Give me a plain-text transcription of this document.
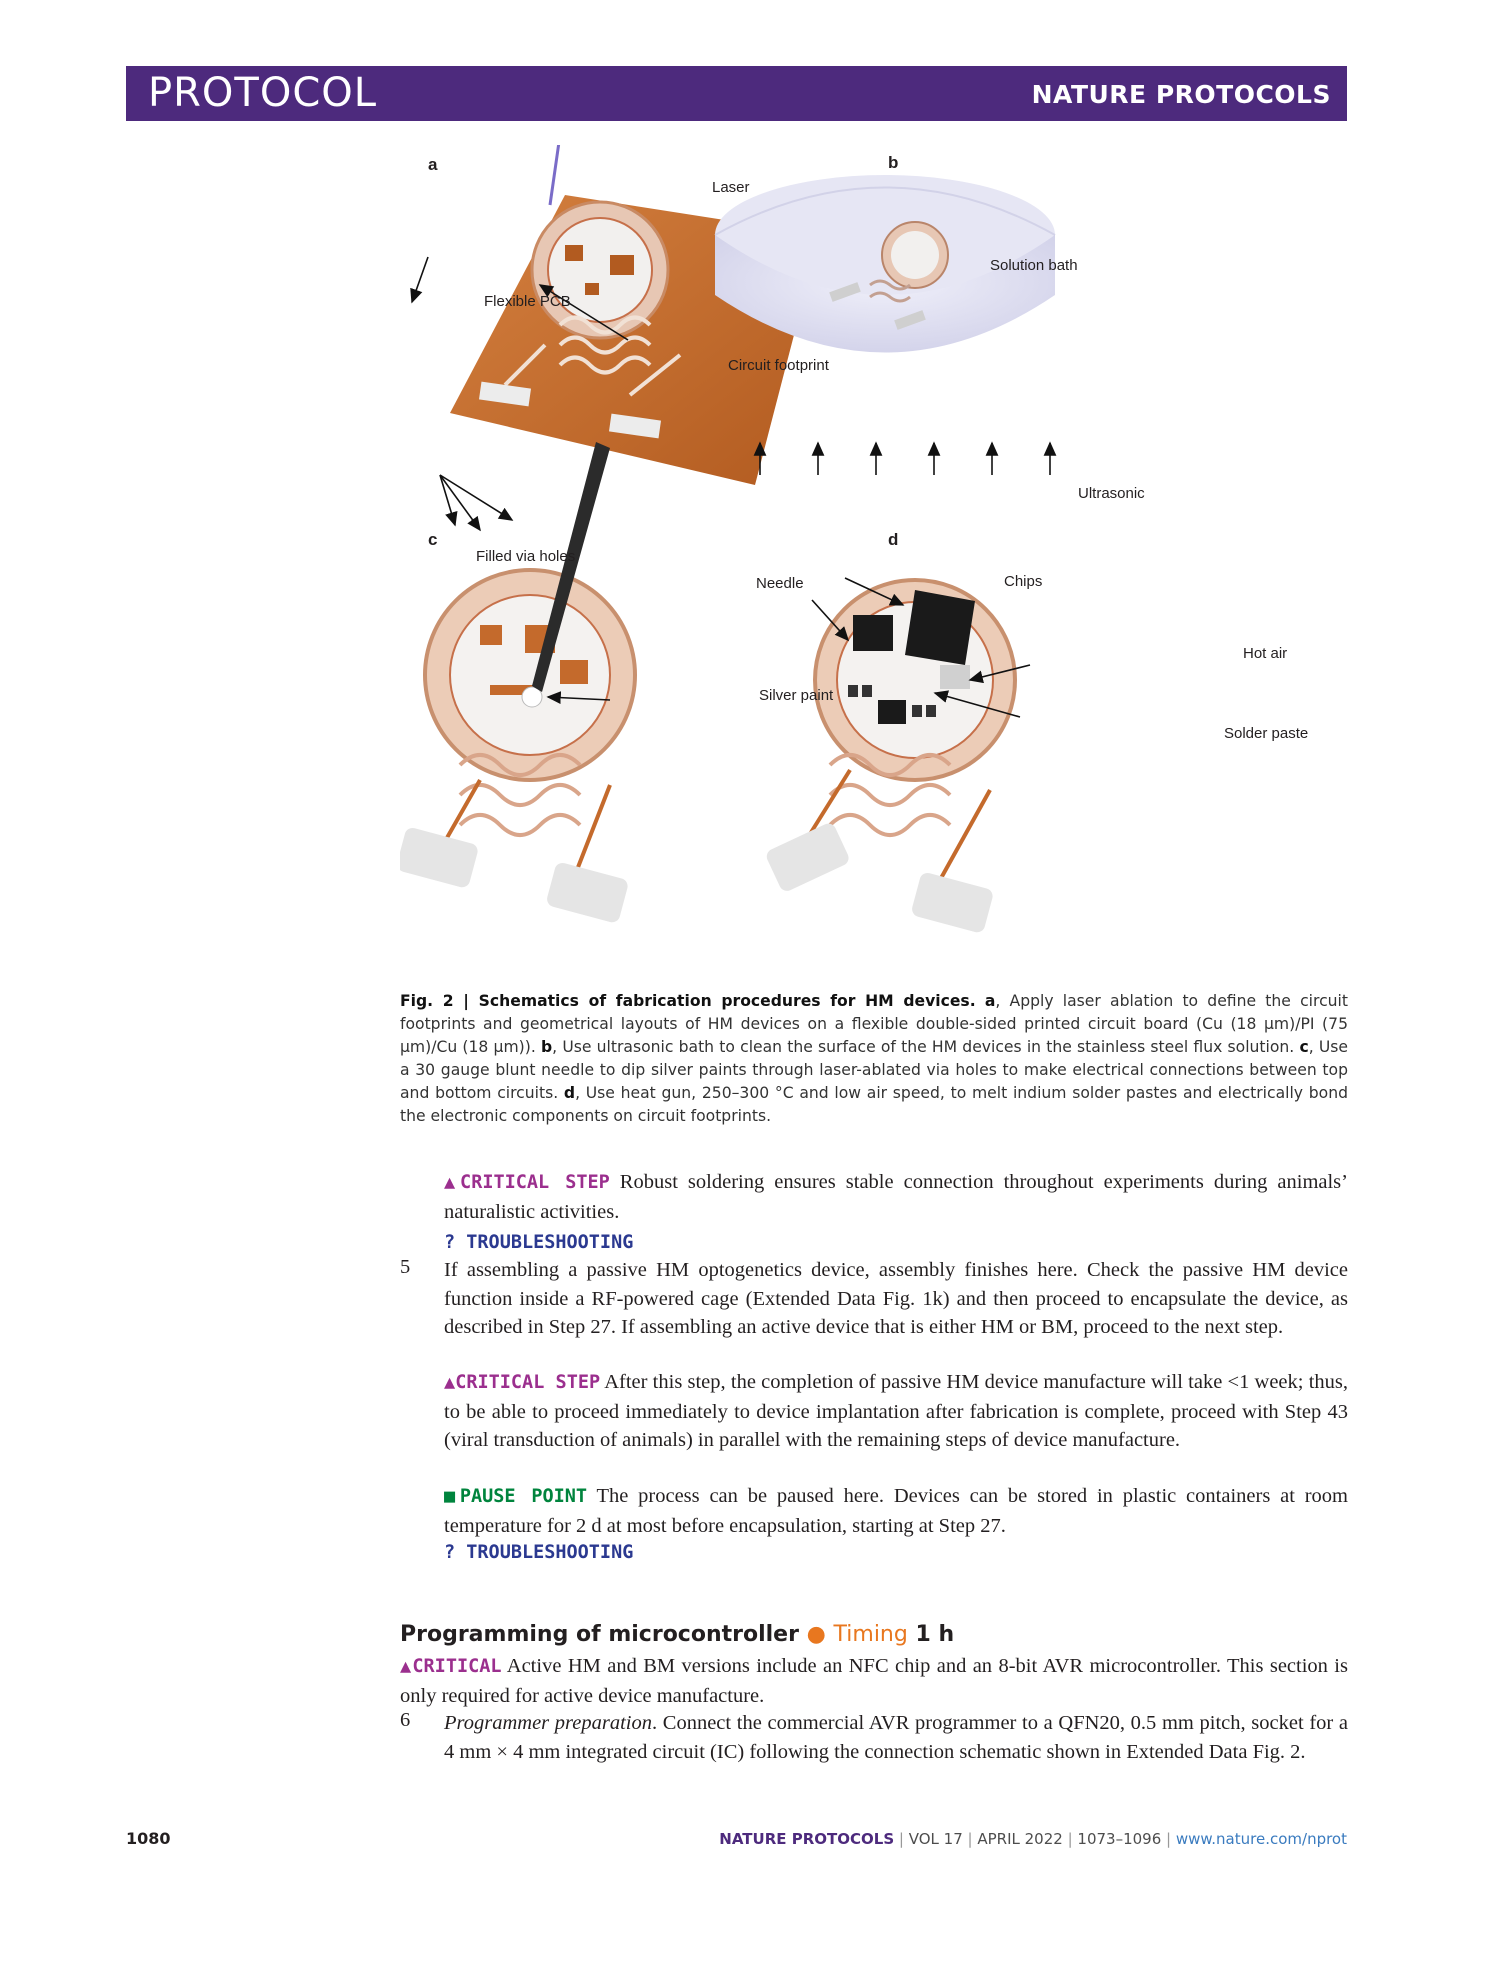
PROTOCOL	NATURE PROTOCOLS
a	b
c	d
Laser
Flexible PCB
Circuit footprint
Solution bath
Ultrasonic
Filled via holes
Needle
Silver paint
Chips
Hot air
Solder paste
Fig. 2 | Schematics of fabrication procedures for HM devices. a, Apply laser ablation to define the circuit footprints and geometrical layouts of HM devices on a flexible double-sided printed circuit board (Cu (18 µm)/PI (75 µm)/Cu (18 µm)). b, Use ultrasonic bath to clean the surface of the HM devices in the stainless steel flux solution. c, Use a 30 gauge blunt needle to dip silver paints through laser-ablated via holes to make electrical connections between top and bottom circuits. d, Use heat gun, 250–300 °C and low air speed, to melt indium solder pastes and electrically bond the electronic components on circuit footprints.
▲CRITICAL STEP Robust soldering ensures stable connection throughout experiments during animals’ naturalistic activities.
? TROUBLESHOOTING
5 If assembling a passive HM optogenetics device, assembly finishes here. Check the passive HM device function inside a RF-powered cage (Extended Data Fig. 1k) and then proceed to encapsulate the device, as described in Step 27. If assembling an active device that is either HM or BM, proceed to the next step.
▲CRITICAL STEP After this step, the completion of passive HM device manufacture will take <1 week; thus, to be able to proceed immediately to device implantation after fabrication is complete, proceed with Step 43 (viral transduction of animals) in parallel with the remaining steps of device manufacture.
■PAUSE POINT The process can be paused here. Devices can be stored in plastic containers at room temperature for 2 d at most before encapsulation, starting at Step 27.
? TROUBLESHOOTING
Programming of microcontroller ● Timing 1 h
▲CRITICAL Active HM and BM versions include an NFC chip and an 8-bit AVR microcontroller. This section is only required for active device manufacture.
6 Programmer preparation. Connect the commercial AVR programmer to a QFN20, 0.5 mm pitch, socket for a 4 mm × 4 mm integrated circuit (IC) following the connection schematic shown in Extended Data Fig. 2.
1080	NATURE PROTOCOLS | VOL 17 | APRIL 2022 | 1073–1096 | www.nature.com/nprot
